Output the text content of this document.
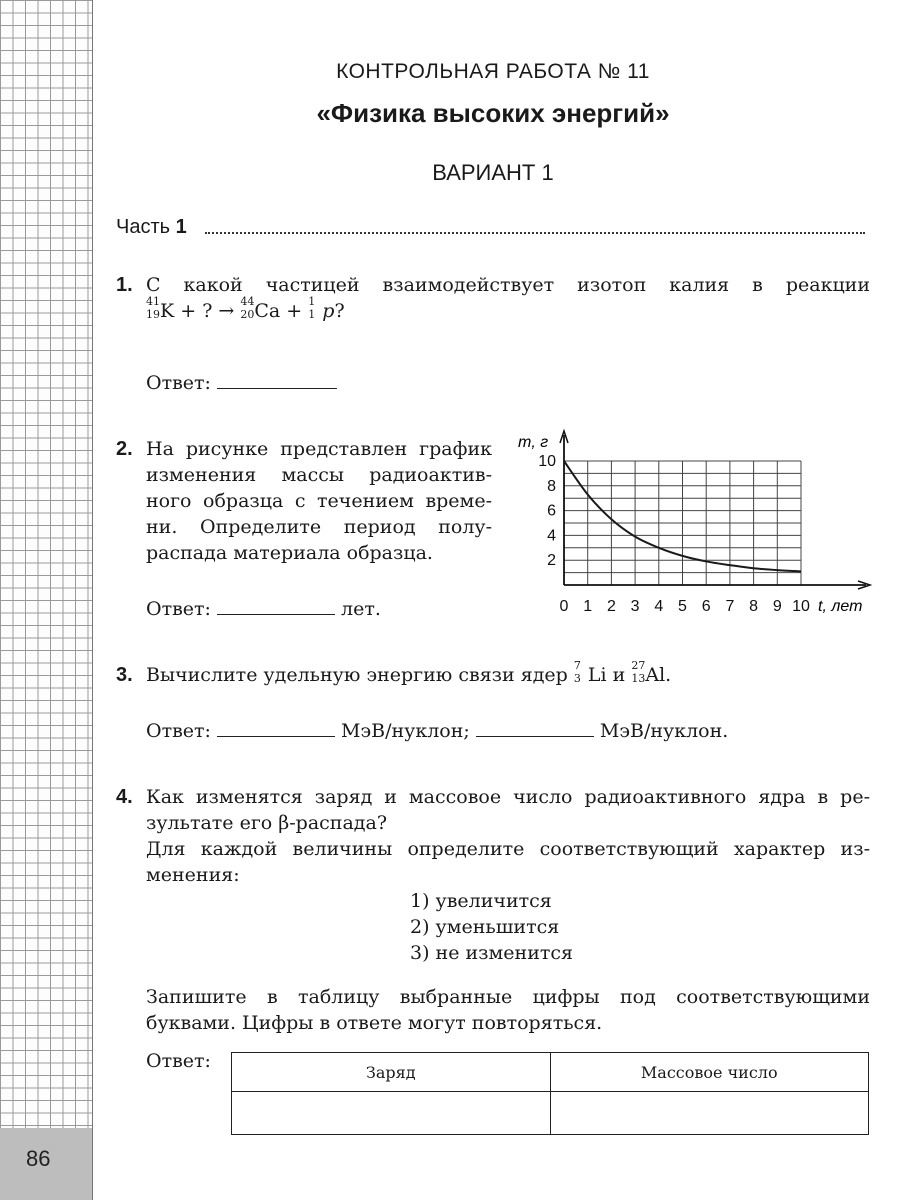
86
КОНТРОЛЬНАЯ РАБОТА № 11
«Физика высоких энергий»
ВАРИАНТ 1
Часть 1
1. С какой частицей взаимодействует изотоп калия в реакции
41
19 K + ? → 44
20 Ca + 1
1 p?
Ответ:
2. На рисунке представлен график
изменения массы радиоактив-
ного образца с течением време-
ни. Определите период полу-
распада материала образца.
Ответ:	лет.
2
4
6
8
10
0 1 2 3 4 5 6 7 8 9 10
m, г
t, лет
3. Вычислите удельную энергию связи ядер 7
3 Li и 27
13 Al.
Ответ:	МэВ/нуклон;	МэВ/нуклон.
4. Как изменятся заряд и массовое число радиоактивного ядра в ре-
зультате его β-распада?
Для каждой величины определите соответствующий характер из-
менения:
1) увеличится
2) уменьшится
3) не изменится
Запишите в таблицу выбранные цифры под соответствующими
буквами. Цифры в ответе могут повторяться.
Ответ:	Заряд	Массовое число
